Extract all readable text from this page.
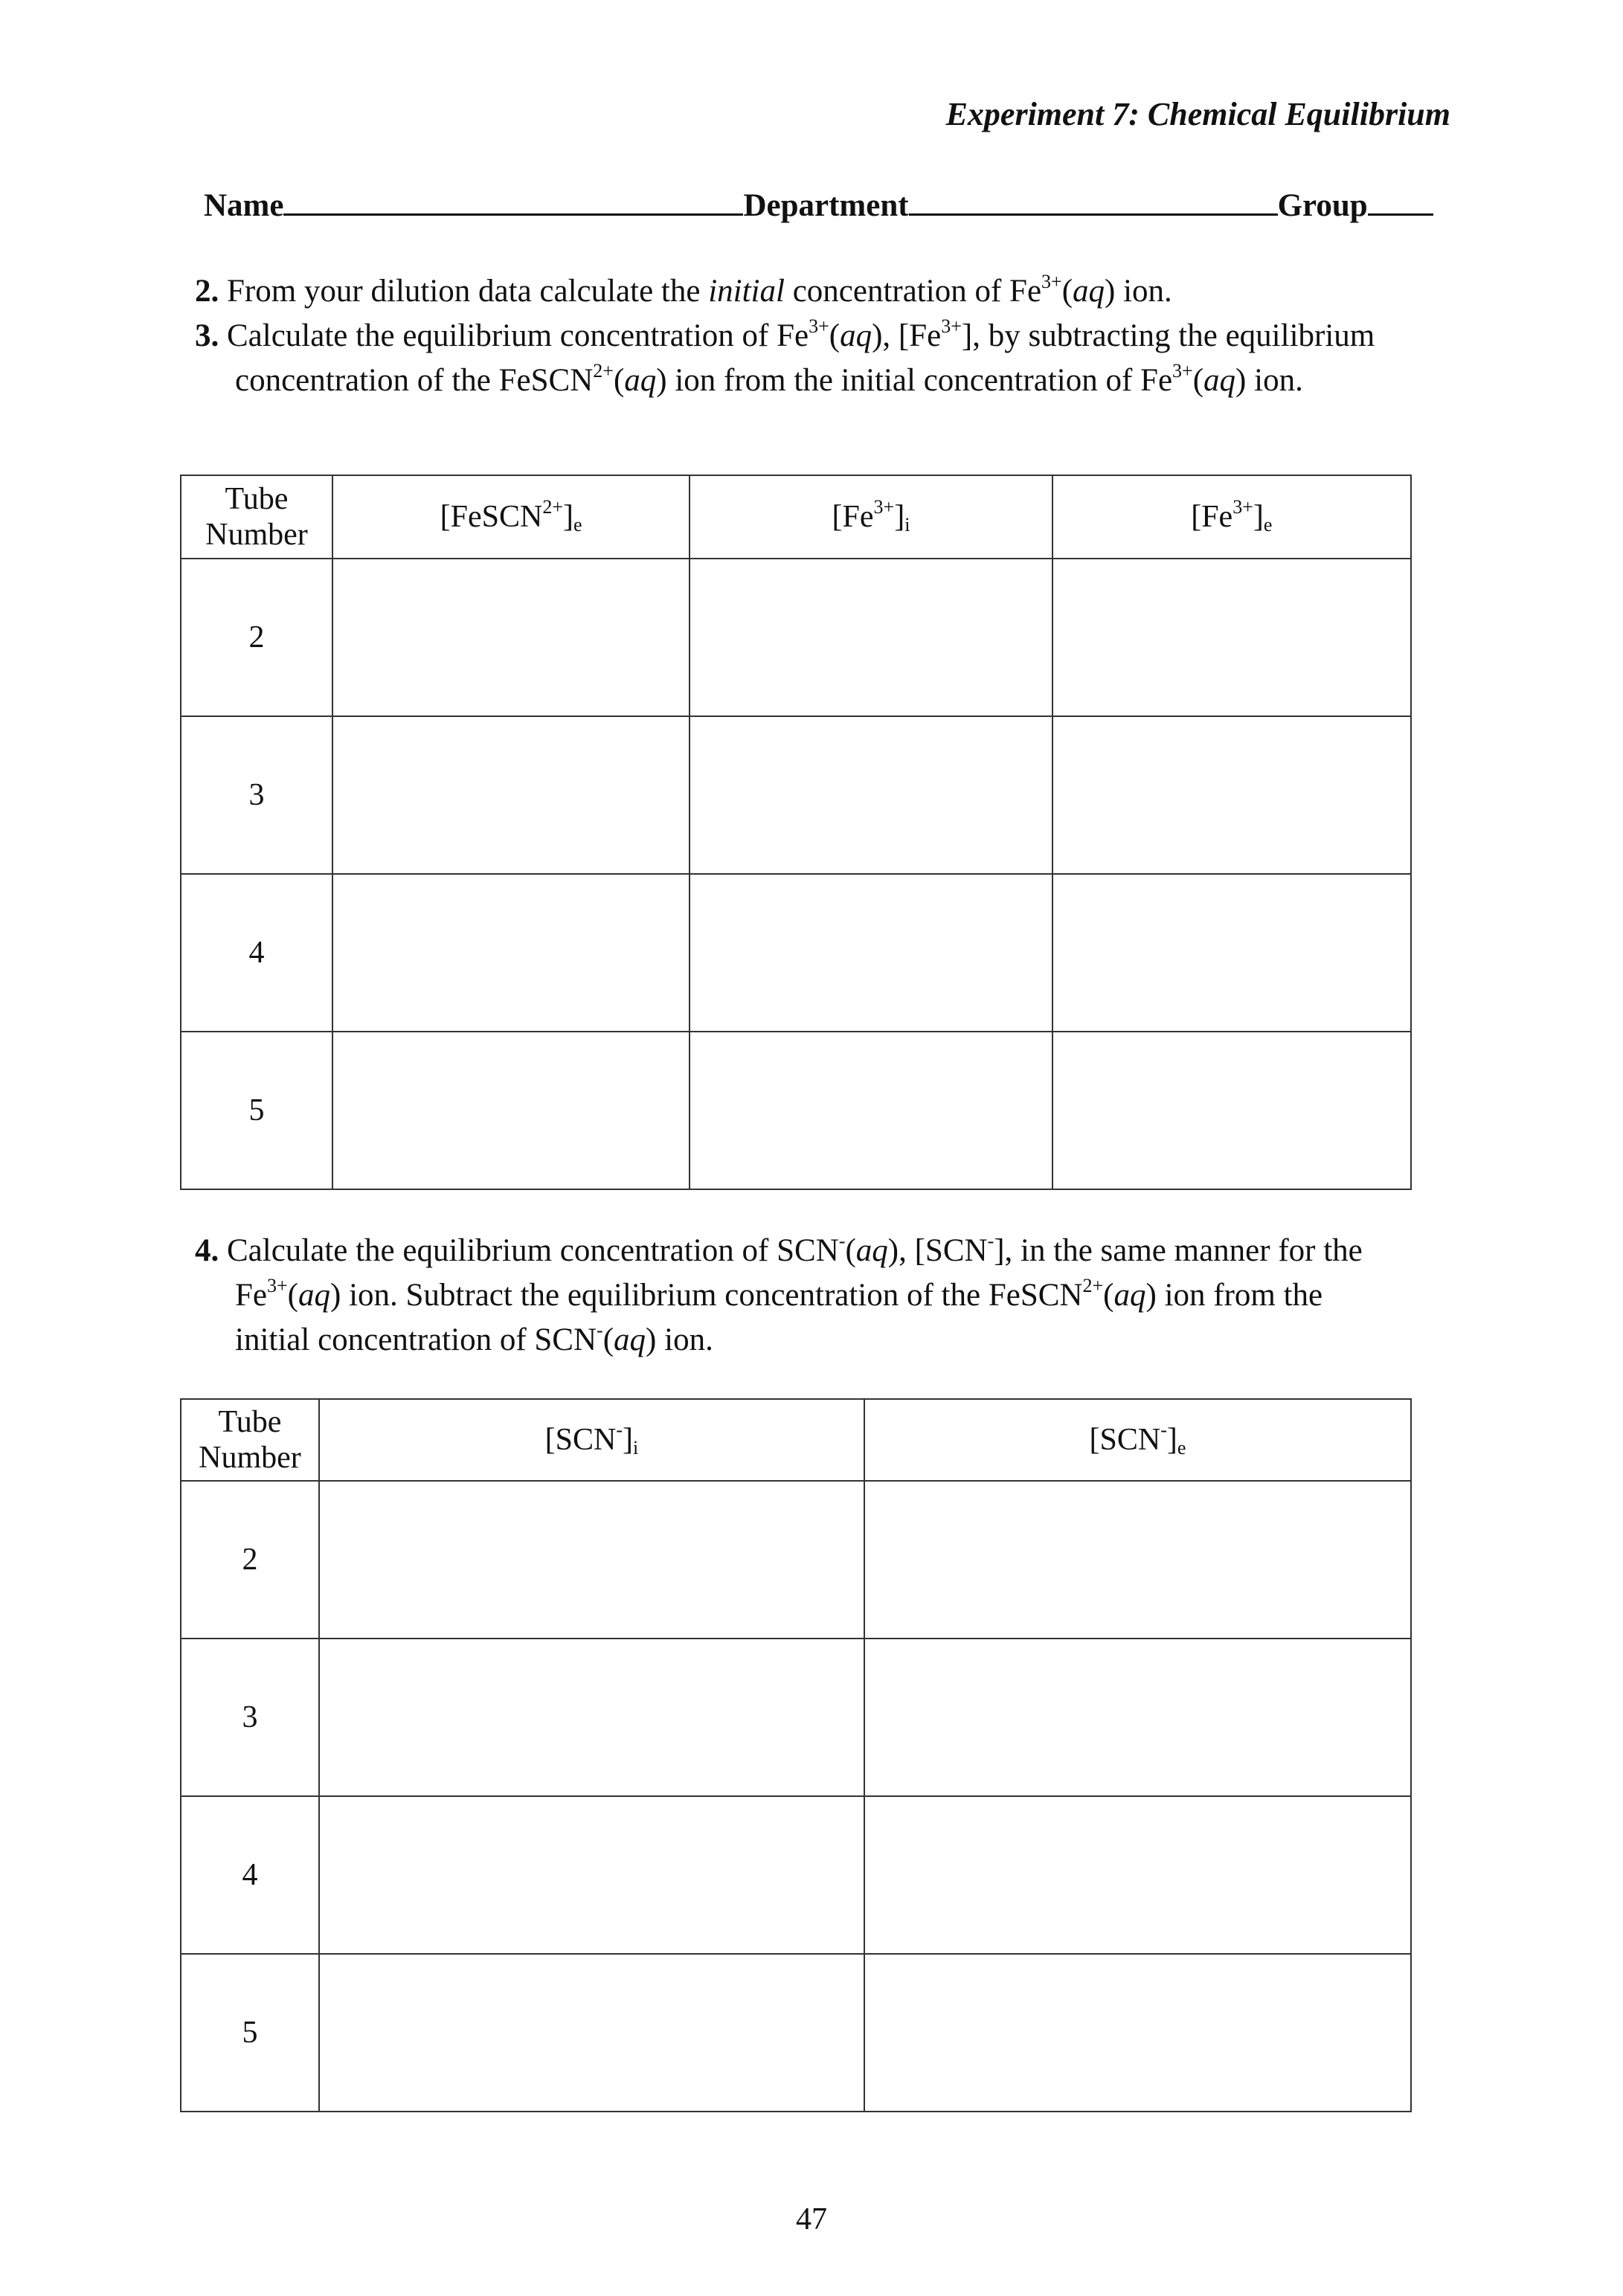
Experiment 7: Chemical Equilibrium
Name	Department	Group
2. From your dilution data calculate the initial concentration of $Fe^{3+}(aq)$ ion.
3. Calculate the equilibrium concentration of $Fe^{3+}(aq)$, $[Fe^{3+}]$, by subtracting the equilibrium
concentration of the FeSCN$^{2+}$(aq) ion from the initial concentration of $Fe^{3+}(aq)$ ion.
Tube Number	$[FeSCN^{2+}]_e$	$[Fe^{3+}]_i$	$[Fe^{3+}]_e$
2			
3			
4			
5			
4. Calculate the equilibrium concentration of SCN-(aq), [SCN-], in the same manner for the
$Fe^{3+}(aq)$ ion. Subtract the equilibrium concentration of the FeSCN$^{2+}$(aq) ion from the
initial concentration of SCN-(aq) ion.
Tube Number	$[SCN^-]_i$	$[SCN^-]_e$
2		
3		
4		
5		
47
